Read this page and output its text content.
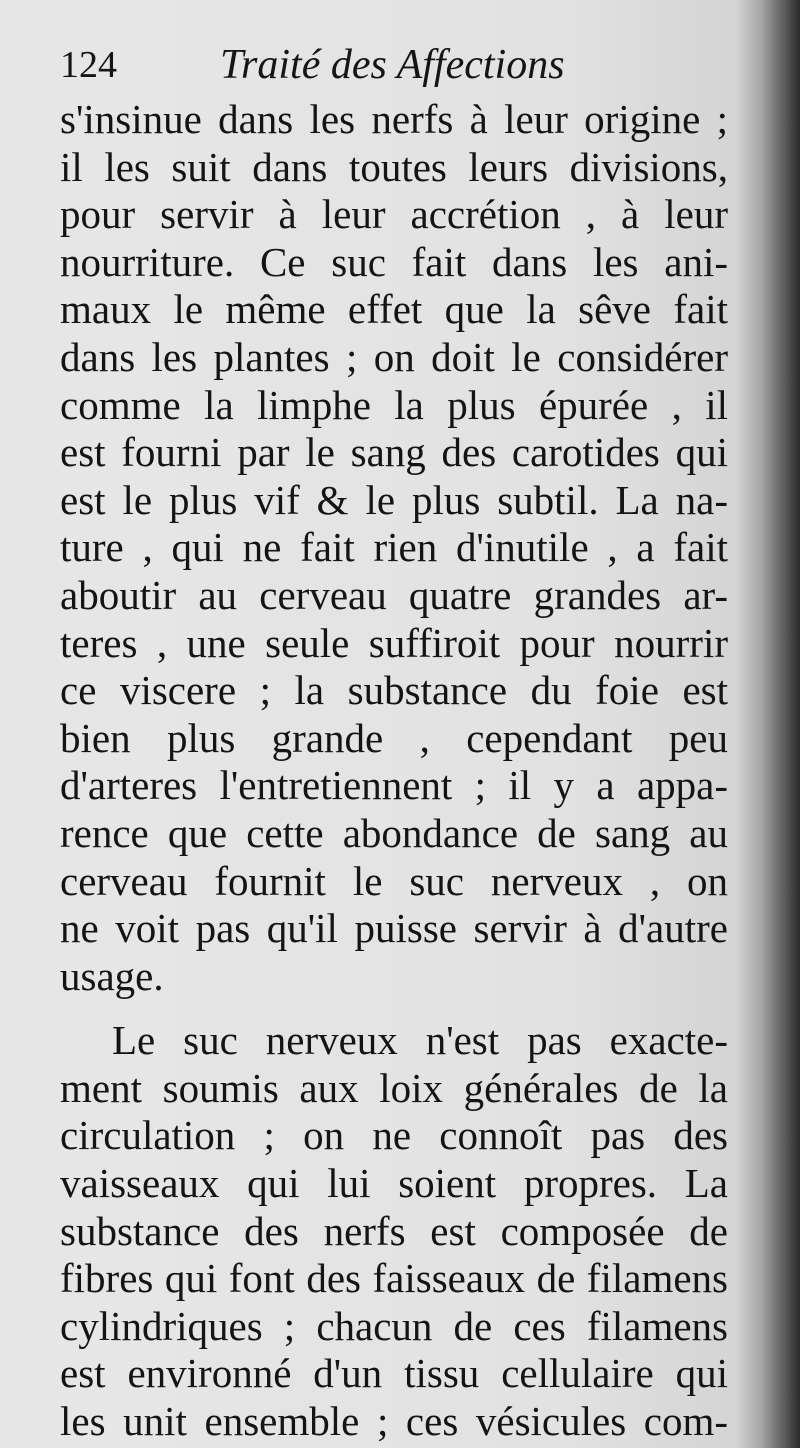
124 Traité des Affections
s'insinue dans les nerfs à leur origine ;
il les suit dans toutes leurs divisions,
pour servir à leur accrétion , à leur
nourriture. Ce suc fait dans les ani-
maux le même effet que la sêve fait
dans les plantes ; on doit le considérer
comme la limphe la plus épurée , il
est fourni par le sang des carotides qui
est le plus vif & le plus subtil. La na-
ture , qui ne fait rien d'inutile , a fait
aboutir au cerveau quatre grandes ar-
teres , une seule suffiroit pour nourrir
ce viscere ; la substance du foie est
bien plus grande , cependant peu
d'arteres l'entretiennent ; il y a appa-
rence que cette abondance de sang au
cerveau fournit le suc nerveux , on
ne voit pas qu'il puisse servir à d'autre
usage.
Le suc nerveux n'est pas exacte-
ment soumis aux loix générales de la
circulation ; on ne connoît pas des
vaisseaux qui lui soient propres. La
substance des nerfs est composée de
fibres qui font des faisseaux de filamens
cylindriques ; chacun de ces filamens
est environné d'un tissu cellulaire qui
les unit ensemble ; ces vésicules com-
